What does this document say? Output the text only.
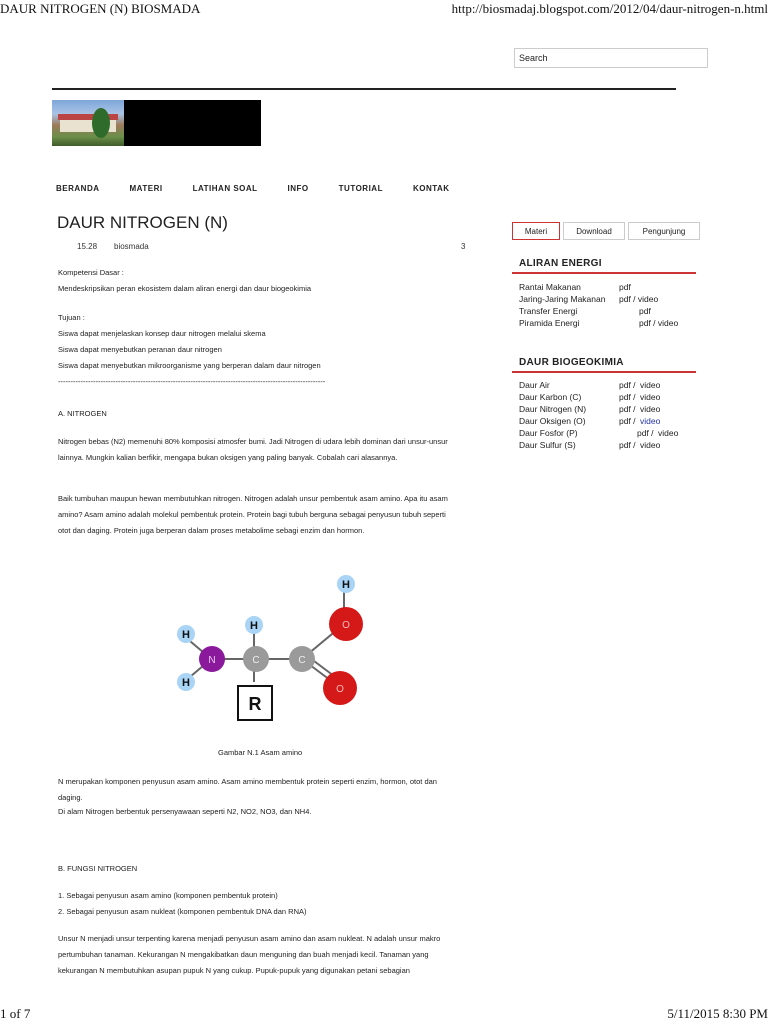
DAUR NITROGEN (N) BIOSMADA	http://biosmadaj.blogspot.com/2012/04/daur-nitrogen-n.html
1 of 7	5/11/2015 8:30 PM
Search
BERANDA	MATERI	LATIHAN SOAL	INFO	TUTORIAL	KONTAK
DAUR NITROGEN (N)
15.28 biosmada	3

Kompetensi Dasar :

Mendeskripsikan peran ekosistem dalam aliran energi dan daur biogeokimia

Tujuan :

Siswa dapat menjelaskan konsep daur nitrogen melalui skema

Siswa dapat menyebutkan peranan daur nitrogen

Siswa dapat menyebutkan mikroorganisme yang berperan dalam daur nitrogen

-----------------------------------------------------------------------------------------------------------

A. NITROGEN
Nitrogen bebas (N2) memenuhi 80% komposisi atmosfer bumi. Jadi Nitrogen di udara lebih dominan dari unsur-unsur lainnya. Mungkin kalian berfikir, mengapa bukan oksigen yang paling banyak. Cobalah cari alasannya.
Baik tumbuhan maupun hewan membutuhkan nitrogen. Nitrogen adalah unsur pembentuk asam amino. Apa itu asam amino? Asam amino adalah molekul pembentuk protein. Protein bagi tubuh berguna sebagai penyusun tubuh seperti otot dan daging. Protein juga berperan dalam proses metabolime sebagi enzim dan hormon.
H
H
H
H
N	C	C
O
O
R
Gambar N.1 Asam amino
N merupakan komponen penyusun asam amino. Asam amino membentuk protein seperti enzim, hormon, otot dan daging.
Di alam Nitrogen berbentuk persenyawaan seperti N2, NO2, NO3, dan NH4.
B. FUNGSI NITROGEN

1. Sebagai penyusun asam amino (komponen pembentuk protein)

2. Sebagai penyusun asam nukleat (komponen pembentuk DNA dan RNA)

Unsur N menjadi unsur terpenting karena menjadi penyusun asam amino dan asam nukleat. N adalah unsur makro pertumbuhan tanaman. Kekurangan N mengakibatkan daun menguning dan buah menjadi kecil. Tanaman yang kekurangan N membutuhkan asupan pupuk N yang cukup. Pupuk-pupuk yang digunakan petani sebagian
Materi	Download	Pengunjung
ALIRAN ENERGI
Rantai Makanan	pdf
Jaring-Jaring Makanan pdf / video
Transfer Energi	pdf
Piramida Energi	pdf / video
DAUR BIOGEOKIMIA
Daur Air	pdf / video
Daur Karbon (C)	pdf / video
Daur Nitrogen (N)	pdf / video
Daur Oksigen (O)	pdf / video
Daur Fosfor (P)	pdf / video
Daur Sulfur (S)	pdf / video
